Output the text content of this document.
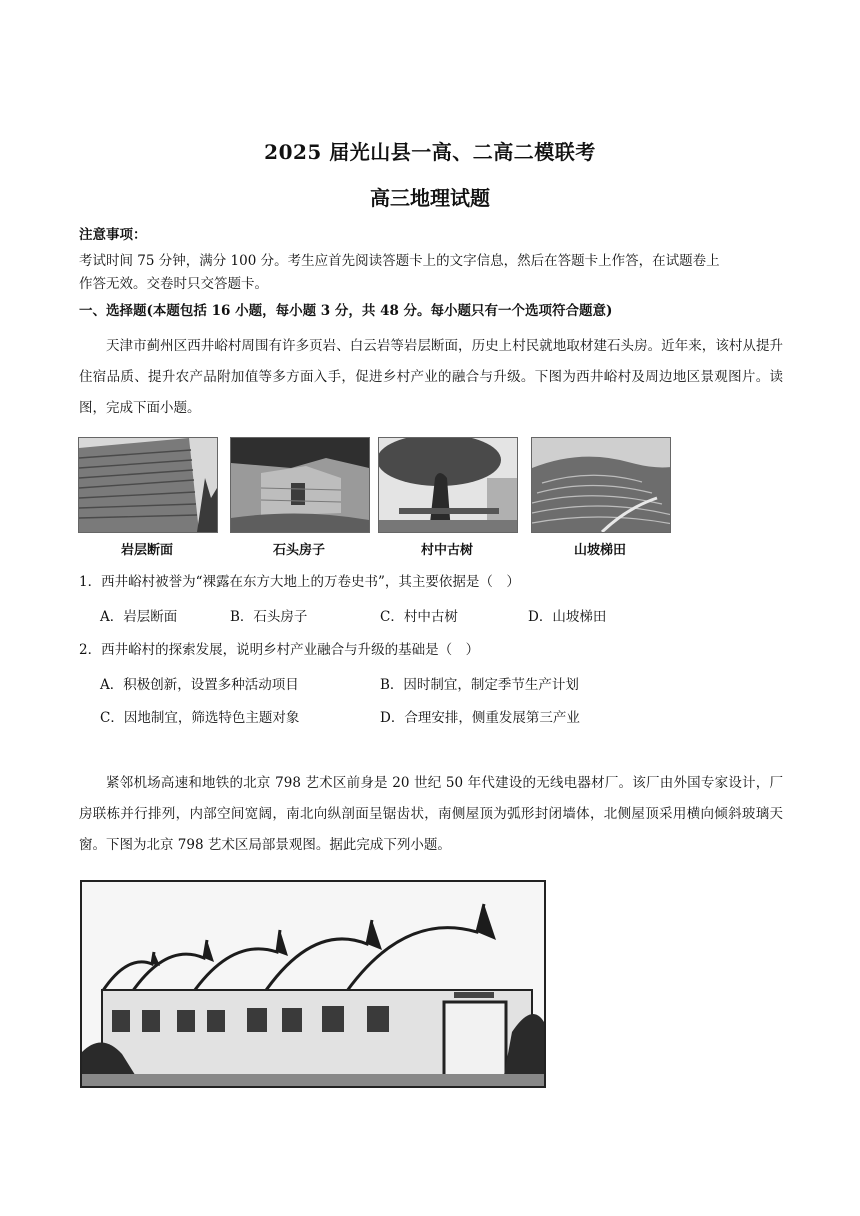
2025 届光山县一高、二高二模联考
高三地理试题
注意事项：
考试时间 75 分钟，满分 100 分。考生应首先阅读答题卡上的文字信息，然后在答题卡上作答，在试题卷上
作答无效。交卷时只交答题卡。
一、选择题(本题包括 16 小题，每小题 3 分，共 48 分。每小题只有一个选项符合题意)
天津市蓟州区西井峪村周围有许多页岩、白云岩等岩层断面，历史上村民就地取材建石头房。近年来，该村从提升住宿品质、提升农产品附加值等多方面入手，促进乡村产业的融合与升级。下图为西井峪村及周边地区景观图片。读图，完成下面小题。
岩层断面	石头房子	村中古树	山坡梯田
1．西井峪村被誉为“裸露在东方大地上的万卷史书”，其主要依据是（　）
A．岩层断面	B．石头房子	C．村中古树	D．山坡梯田
2．西井峪村的探索发展，说明乡村产业融合与升级的基础是（　）
A．积极创新，设置多种活动项目	B．因时制宜，制定季节生产计划
C．因地制宜，筛选特色主题对象	D．合理安排，侧重发展第三产业
紧邻机场高速和地铁的北京 798 艺术区前身是 20 世纪 50 年代建设的无线电器材厂。该厂由外国专家设计，厂房联栋并行排列，内部空间宽阔，南北向纵剖面呈锯齿状，南侧屋顶为弧形封闭墙体，北侧屋顶采用横向倾斜玻璃天窗。下图为北京 798 艺术区局部景观图。据此完成下列小题。
